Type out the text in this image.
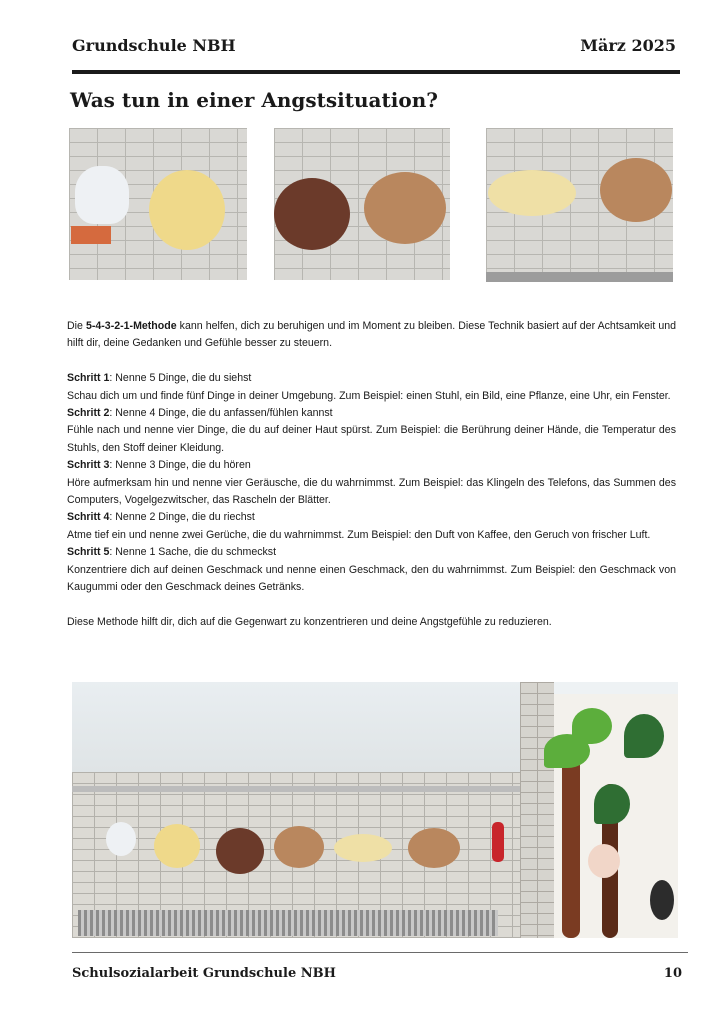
Grundschule NBH	März 2025
Was tun in einer Angstsituation?

Die 5-4-3-2-1-Methode kann helfen, dich zu beruhigen und im Moment zu bleiben. Diese Technik basiert auf der Achtsamkeit und hilft dir, deine Gedanken und Gefühle besser zu steuern.

Schritt 1: Nenne 5 Dinge, die du siehst

Schau dich um und finde fünf Dinge in deiner Umgebung. Zum Beispiel: einen Stuhl, ein Bild, eine Pflanze, eine Uhr, ein Fenster.

Schritt 2: Nenne 4 Dinge, die du anfassen/fühlen kannst

Fühle nach und nenne vier Dinge, die du auf deiner Haut spürst. Zum Beispiel: die Berührung deiner Hände, die Temperatur des Stuhls, den Stoff deiner Kleidung.

Schritt 3: Nenne 3 Dinge, die du hören

Höre aufmerksam hin und nenne vier Geräusche, die du wahrnimmst. Zum Beispiel: das Klingeln des Telefons, das Summen des Computers, Vogelgezwitscher, das Rascheln der Blätter.

Schritt 4: Nenne 2 Dinge, die du riechst

Atme tief ein und nenne zwei Gerüche, die du wahrnimmst. Zum Beispiel: den Duft von Kaffee, den Geruch von frischer Luft.

Schritt 5: Nenne 1 Sache, die du schmeckst

Konzentriere dich auf deinen Geschmack und nenne einen Geschmack, den du wahrnimmst. Zum Beispiel: den Geschmack von Kaugummi oder den Geschmack deines Getränks.

Diese Methode hilft dir, dich auf die Gegenwart zu konzentrieren und deine Angstgefühle zu reduzieren.

Schulsozialarbeit Grundschule NBH	10
